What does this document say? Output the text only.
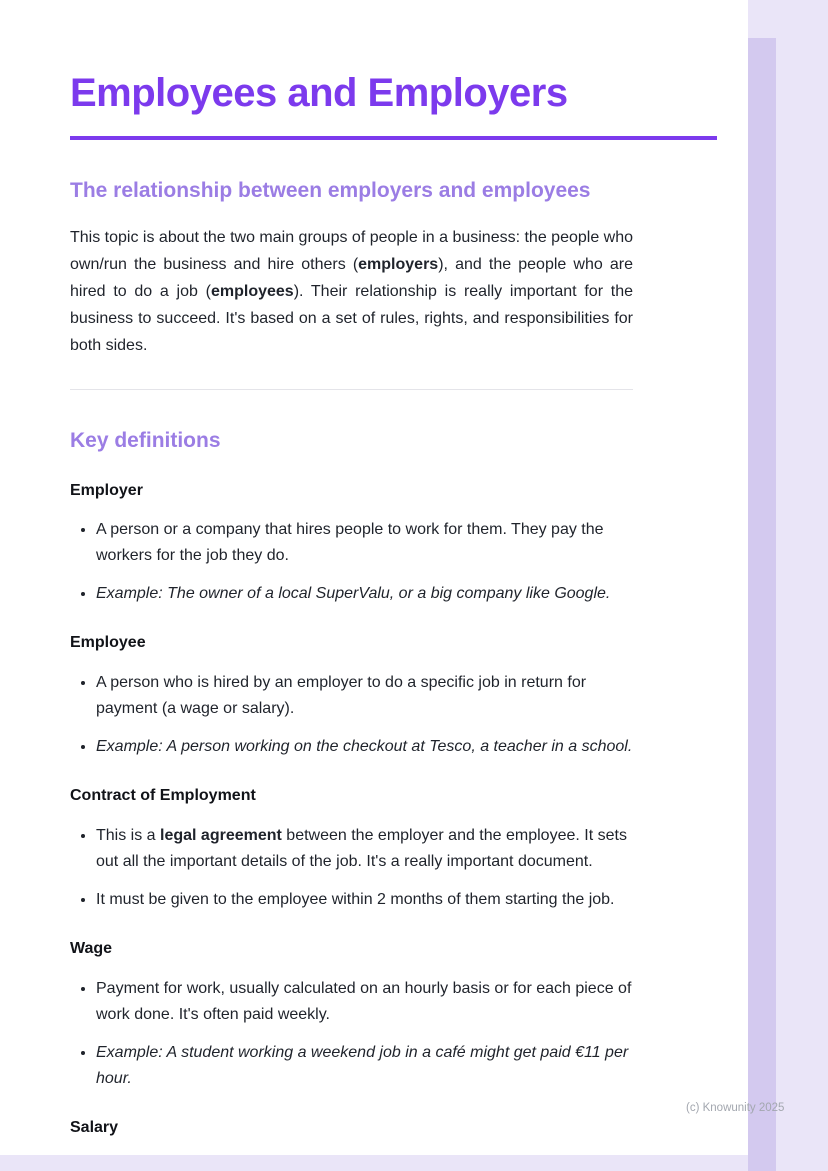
Employees and Employers
The relationship between employers and employees

This topic is about the two main groups of people in a business: the people who own/run the business and hire others (employers), and the people who are hired to do a job (employees). Their relationship is really important for the business to succeed. It's based on a set of rules, rights, and responsibilities for both sides.

Key definitions
Employer
• A person or a company that hires people to work for them. They pay the workers for the job they do.
• Example: The owner of a local SuperValu, or a big company like Google.
Employee
• A person who is hired by an employer to do a specific job in return for payment (a wage or salary).
• Example: A person working on the checkout at Tesco, a teacher in a school.
Contract of Employment
• This is a legal agreement between the employer and the employee. It sets out all the important details of the job. It's a really important document.
• It must be given to the employee within 2 months of them starting the job.
Wage
• Payment for work, usually calculated on an hourly basis or for each piece of work done. It's often paid weekly.
• Example: A student working a weekend job in a café might get paid €11 per hour.
Salary
(c) Knowunity 2025
